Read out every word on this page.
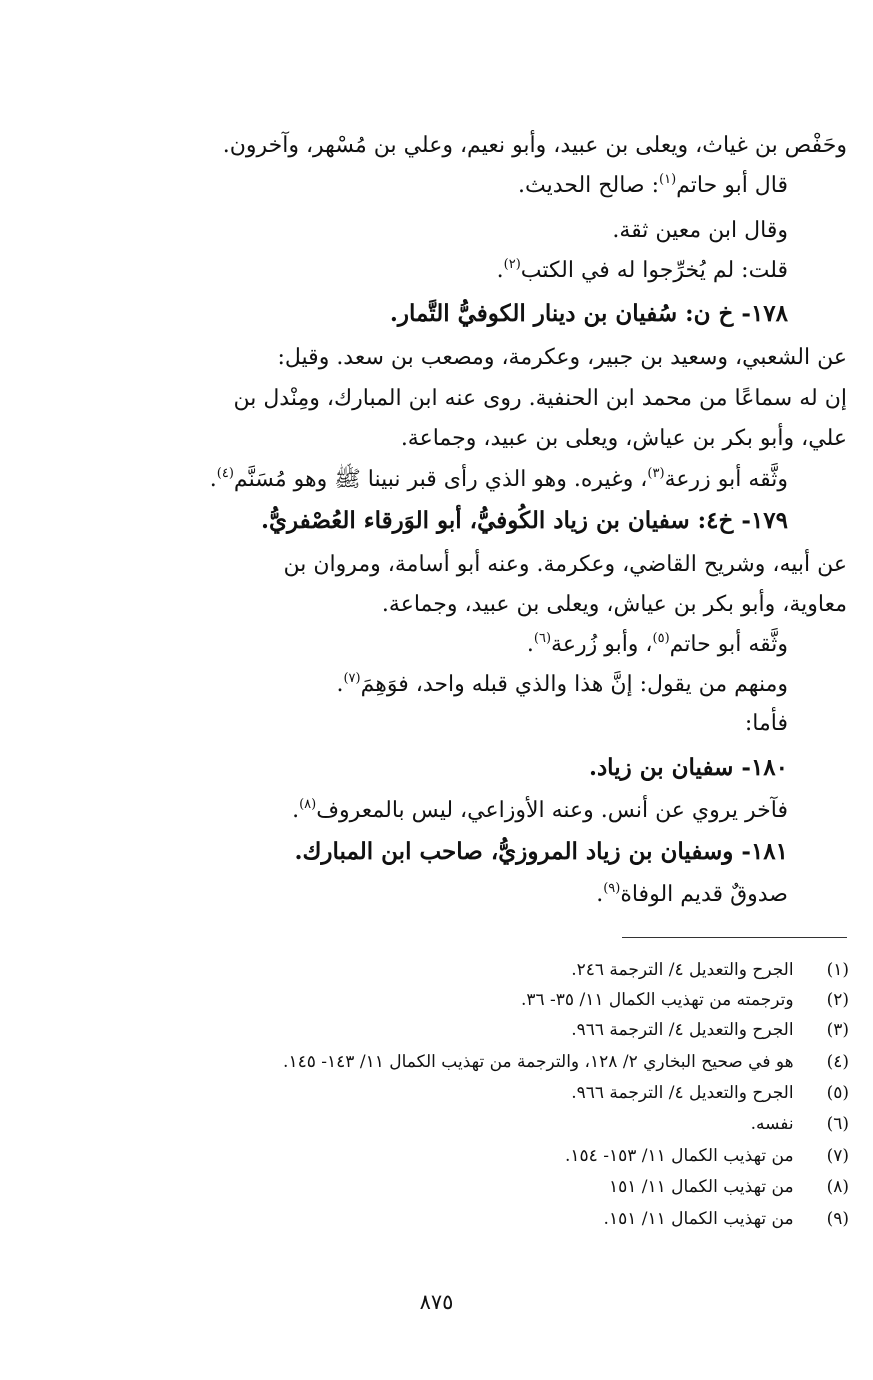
وحَفْص بن غياث، ويعلى بن عبيد، وأبو نعيم، وعلي بن مُسْهر، وآخرون.
قال أبو حاتم$^{(١)}$: صالح الحديث.
وقال ابن معين ثقة.
قلت: لم يُخرِّجوا له في الكتب$^{(٢)}$.
١٧٨- خ ن: سُفيان بن دينار الكوفيُّ التَّمار.
عن الشعبي، وسعيد بن جبير، وعكرمة، ومصعب بن سعد. وقيل:
إن له سماعًا من محمد ابن الحنفية. روى عنه ابن المبارك، ومِنْدل بن
علي، وأبو بكر بن عياش، ويعلى بن عبيد، وجماعة.
وثَّقه أبو زرعة$^{(٣)}$، وغيره. وهو الذي رأى قبر نبينا ﷺ وهو مُسَنَّم$^{(٤)}$.
١٧٩- خ٤: سفيان بن زياد الكُوفيُّ، أبو الوَرقاء العُصْفريُّ.
عن أبيه، وشريح القاضي، وعكرمة. وعنه أبو أسامة، ومروان بن
معاوية، وأبو بكر بن عياش، ويعلى بن عبيد، وجماعة.
وثَّقه أبو حاتم$^{(٥)}$، وأبو زُرعة$^{(٦)}$.
ومنهم من يقول: إنَّ هذا والذي قبله واحد، فوَهِمَ$^{(٧)}$.
فأما:
١٨٠- سفيان بن زياد.
فآخر يروي عن أنس. وعنه الأوزاعي، ليس بالمعروف$^{(٨)}$.
١٨١- وسفيان بن زياد المروزيُّ، صاحب ابن المبارك.
صدوقٌ قديم الوفاة$^{(٩)}$.
(١) الجرح والتعديل ٤/ الترجمة ٢٤٦.
(٢) وترجمته من تهذيب الكمال ١١/ ٣٥- ٣٦.
(٣) الجرح والتعديل ٤/ الترجمة ٩٦٦.
(٤) هو في صحيح البخاري ٢/ ١٢٨، والترجمة من تهذيب الكمال ١١/ ١٤٣- ١٤٥.
(٥) الجرح والتعديل ٤/ الترجمة ٩٦٦.
(٦) نفسه.
(٧) من تهذيب الكمال ١١/ ١٥٣- ١٥٤.
(٨) من تهذيب الكمال ١١/ ١٥١
(٩) من تهذيب الكمال ١١/ ١٥١.
٨٧٥
